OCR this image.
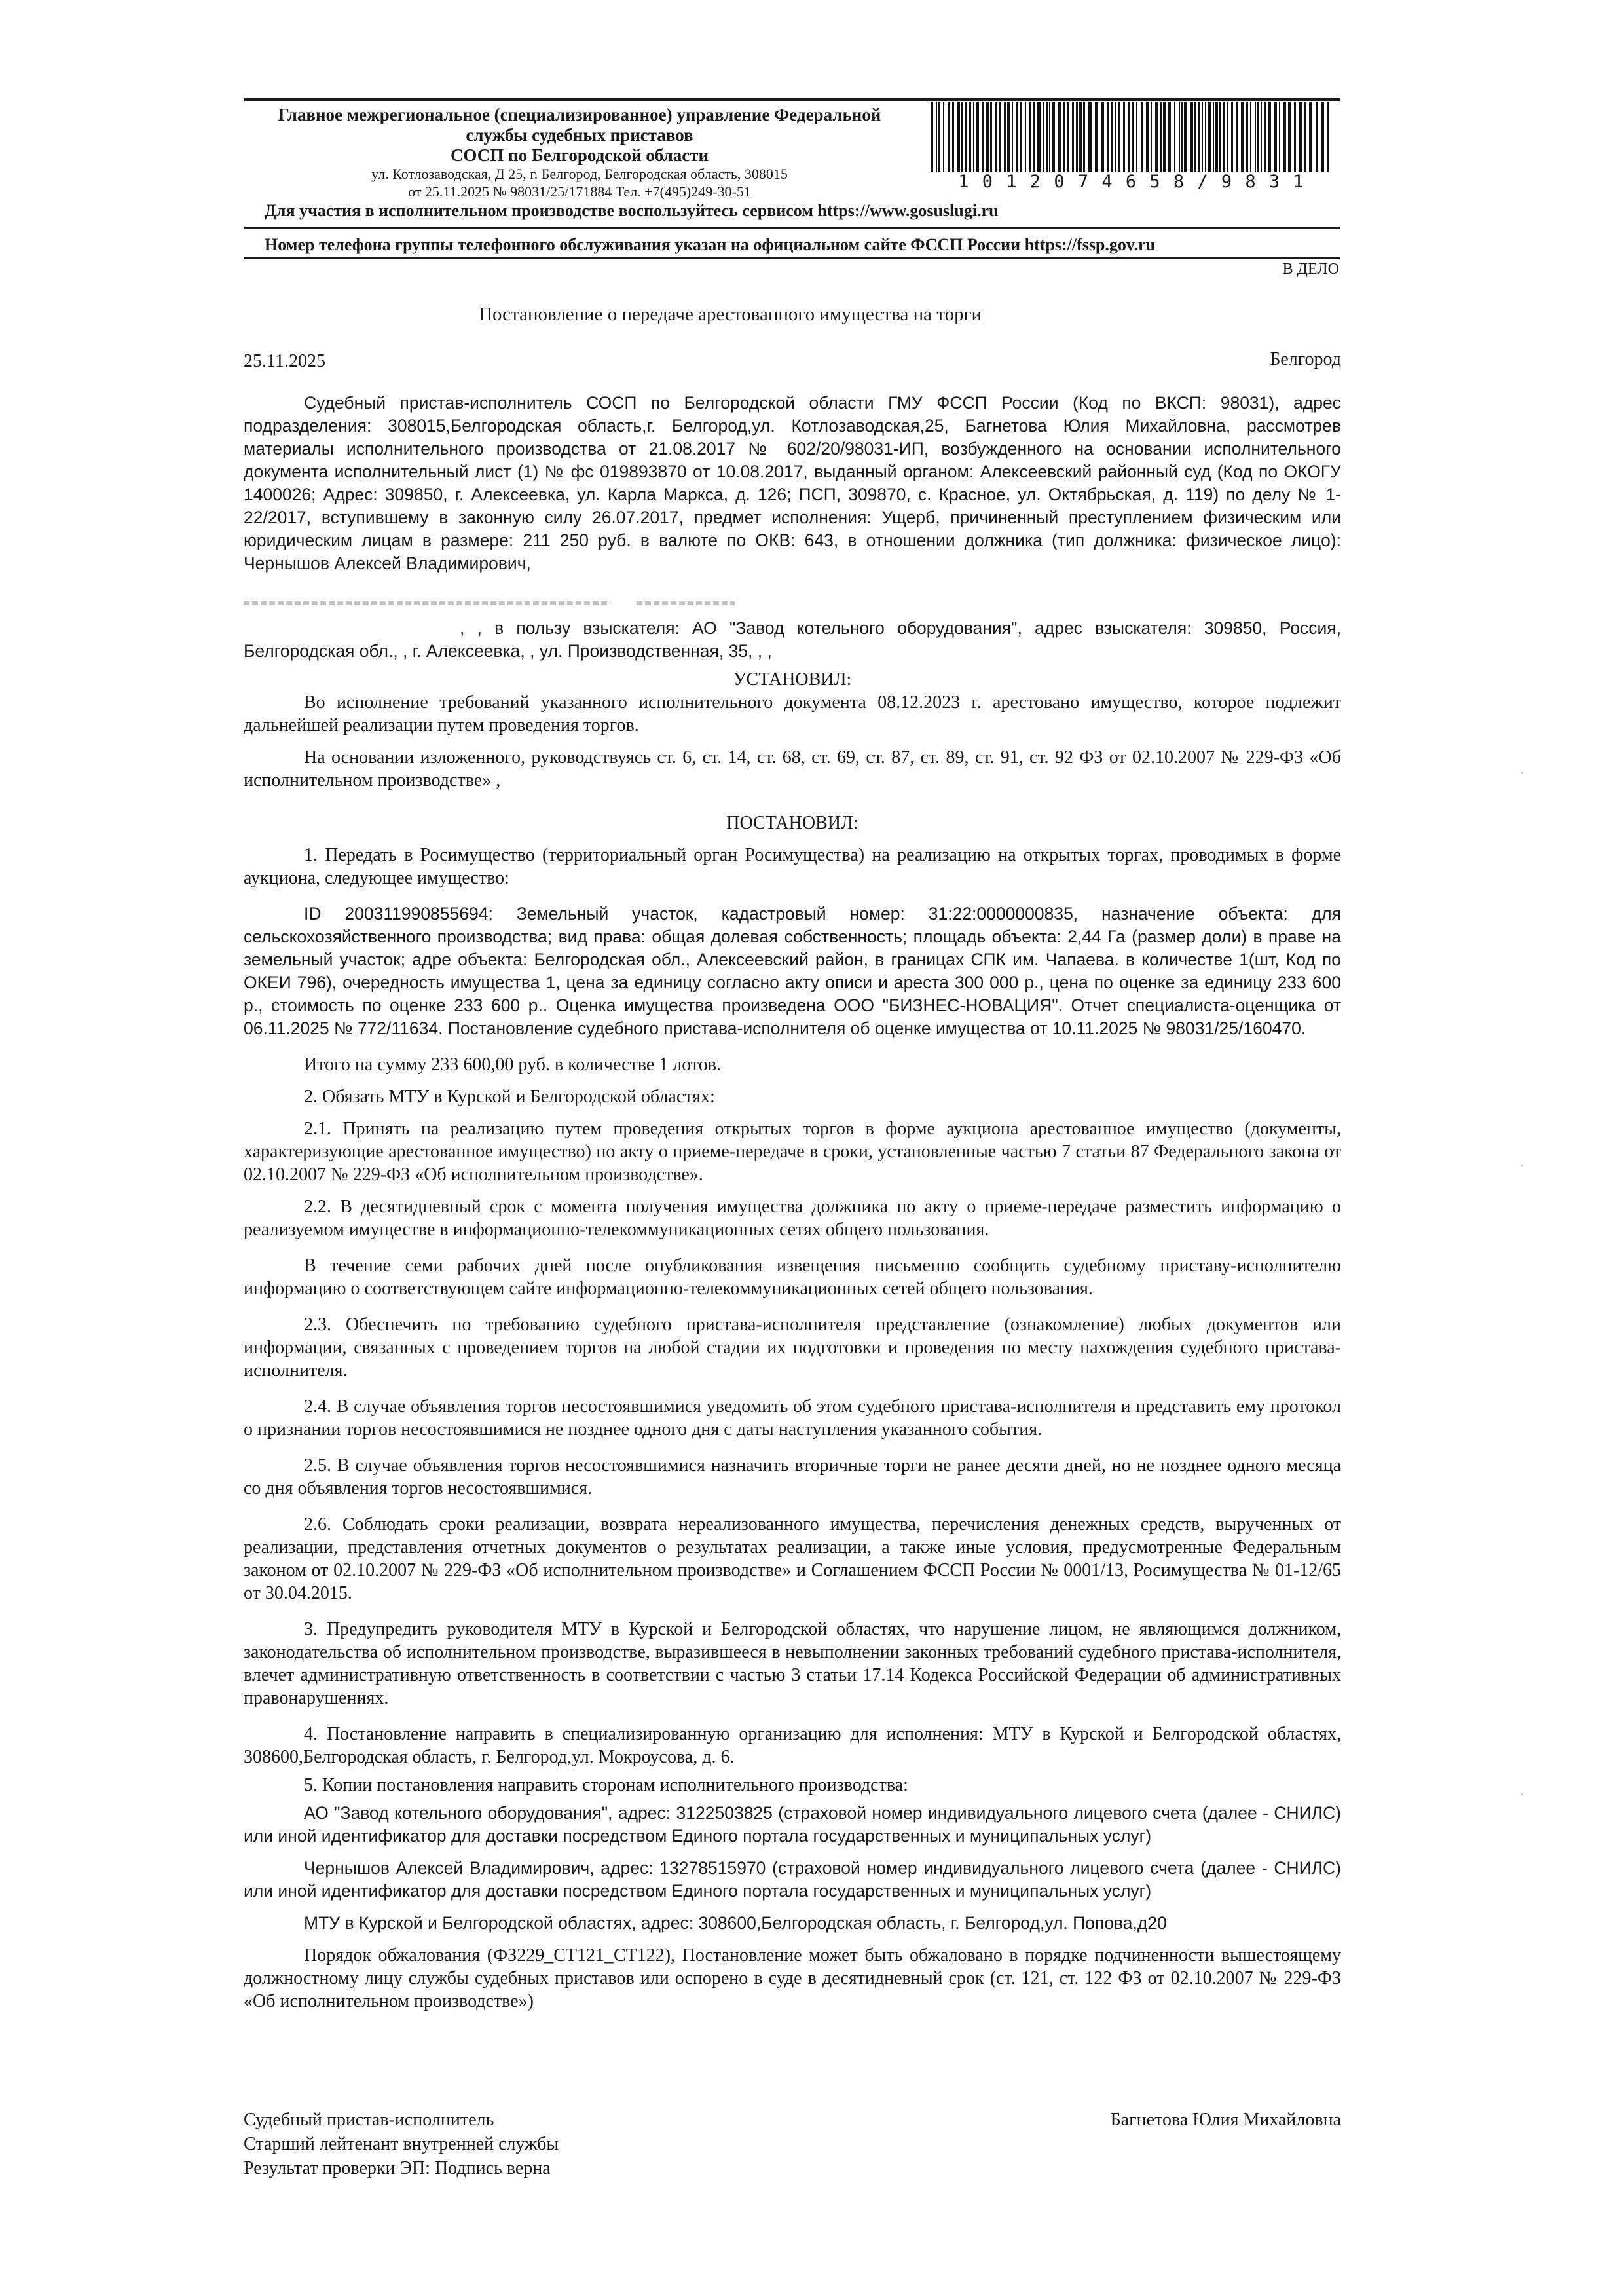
Главное межрегиональное (специализированное) управление Федеральной
службы судебных приставов
СОСП по Белгородской области
ул. Котлозаводская, Д 25, г. Белгород, Белгородская область, 308015
от 25.11.2025 № 98031/25/171884 Тел. +7(495)249-30-51	1 0 1 2 0 7 4 6 5 8 / 9 8 3 1
Для участия в исполнительном производстве воспользуйтесь сервисом https://www.gosuslugi.ru
Номер телефона группы телефонного обслуживания указан на официальном сайте ФССП России https://fssp.gov.ru
В ДЕЛО
Постановление о передаче арестованного имущества на торги
25.11.2025	Белгород

Судебный пристав-исполнитель СОСП по Белгородской области ГМУ ФССП России (Код по ВКСП: 98031), адрес подразделения: 308015,Белгородская область,г. Белгород,ул. Котлозаводская,25, Багнетова Юлия Михайловна, рассмотрев материалы исполнительного производства от 21.08.2017 № 602/20/98031-ИП, возбужденного на основании исполнительного документа исполнительный лист (1) № фс 019893870 от 10.08.2017, выданный органом: Алексеевский районный суд (Код по ОКОГУ 1400026; Адрес: 309850, г. Алексеевка, ул. Карла Маркса, д. 126; ПСП, 309870, с. Красное, ул. Октябрьская, д. 119) по делу № 1-22/2017, вступившему в законную силу 26.07.2017, предмет исполнения: Ущерб, причиненный преступлением физическим или юридическим лицам в размере: 211 250 руб. в валюте по ОКВ: 643, в отношении должника (тип должника: физическое лицо): Чернышов Алексей Владимирович,

, , в пользу взыскателя: АО "Завод котельного оборудования", адрес взыскателя: 309850, Россия, Белгородская обл., , г. Алексеевка, , ул. Производственная, 35, , ,

УСТАНОВИЛ:

Во исполнение требований указанного исполнительного документа 08.12.2023 г. арестовано имущество, которое подлежит дальнейшей реализации путем проведения торгов.

На основании изложенного, руководствуясь ст. 6, ст. 14, ст. 68, ст. 69, ст. 87, ст. 89, ст. 91, ст. 92 ФЗ от 02.10.2007 № 229-ФЗ «Об исполнительном производстве» ,

ПОСТАНОВИЛ:

1. Передать в Росимущество (территориальный орган Росимущества) на реализацию на открытых торгах, проводимых в форме аукциона, следующее имущество:

ID 200311990855694: Земельный участок, кадастровый номер: 31:22:0000000835, назначение объекта: для сельскохозяйственного производства; вид права: общая долевая собственность; площадь объекта: 2,44 Га (размер доли) в праве на земельный участок; адре объекта: Белгородская обл., Алексеевский район, в границах СПК им. Чапаева. в количестве 1(шт, Код по ОКЕИ 796), очередность имущества 1, цена за единицу согласно акту описи и ареста 300 000 р., цена по оценке за единицу 233 600 р., стоимость по оценке 233 600 р.. Оценка имущества произведена ООО "БИЗНЕС-НОВАЦИЯ". Отчет специалиста-оценщика от 06.11.2025 № 772/11634. Постановление судебного пристава-исполнителя об оценке имущества от 10.11.2025 № 98031/25/160470.

Итого на сумму 233 600,00 руб. в количестве 1 лотов.

2. Обязать МТУ в Курской и Белгородской областях:

2.1. Принять на реализацию путем проведения открытых торгов в форме аукциона арестованное имущество (документы, характеризующие арестованное имущество) по акту о приеме-передаче в сроки, установленные частью 7 статьи 87 Федерального закона от 02.10.2007 № 229-ФЗ «Об исполнительном производстве».

2.2. В десятидневный срок с момента получения имущества должника по акту о приеме-передаче разместить информацию о реализуемом имуществе в информационно-телекоммуникационных сетях общего пользования.

В течение семи рабочих дней после опубликования извещения письменно сообщить судебному приставу-исполнителю информацию о соответствующем сайте информационно-телекоммуникационных сетей общего пользования.

2.3. Обеспечить по требованию судебного пристава-исполнителя представление (ознакомление) любых документов или информации, связанных с проведением торгов на любой стадии их подготовки и проведения по месту нахождения судебного пристава-исполнителя.

2.4. В случае объявления торгов несостоявшимися уведомить об этом судебного пристава-исполнителя и представить ему протокол о признании торгов несостоявшимися не позднее одного дня с даты наступления указанного события.

2.5. В случае объявления торгов несостоявшимися назначить вторичные торги не ранее десяти дней, но не позднее одного месяца со дня объявления торгов несостоявшимися.

2.6. Соблюдать сроки реализации, возврата нереализованного имущества, перечисления денежных средств, вырученных от реализации, представления отчетных документов о результатах реализации, а также иные условия, предусмотренные Федеральным законом от 02.10.2007 № 229-ФЗ «Об исполнительном производстве» и Соглашением ФССП России № 0001/13, Росимущества № 01-12/65 от 30.04.2015.

3. Предупредить руководителя МТУ в Курской и Белгородской областях, что нарушение лицом, не являющимся должником, законодательства об исполнительном производстве, выразившееся в невыполнении законных требований судебного пристава-исполнителя, влечет административную ответственность в соответствии с частью 3 статьи 17.14 Кодекса Российской Федерации об административных правонарушениях.

4. Постановление направить в специализированную организацию для исполнения: МТУ в Курской и Белгородской областях, 308600,Белгородская область, г. Белгород,ул. Мокроусова, д. 6.

5. Копии постановления направить сторонам исполнительного производства:

АО "Завод котельного оборудования", адрес: 3122503825 (страховой номер индивидуального лицевого счета (далее - СНИЛС) или иной идентификатор для доставки посредством Единого портала государственных и муниципальных услуг)

Чернышов Алексей Владимирович, адрес: 13278515970 (страховой номер индивидуального лицевого счета (далее - СНИЛС) или иной идентификатор для доставки посредством Единого портала государственных и муниципальных услуг)

МТУ в Курской и Белгородской областях, адрес: 308600,Белгородская область, г. Белгород,ул. Попова,д20

Порядок обжалования (ФЗ229_СТ121_СТ122), Постановление может быть обжаловано в порядке подчиненности вышестоящему должностному лицу службы судебных приставов или оспорено в суде в десятидневный срок (ст. 121, ст. 122 ФЗ от 02.10.2007 № 229-ФЗ «Об исполнительном производстве»)

Судебный пристав-исполнитель	Багнетова Юлия Михайловна
Старший лейтенант внутренней службы
Результат проверки ЭП: Подпись верна
ꞏ
ꞏ
ꞏ
